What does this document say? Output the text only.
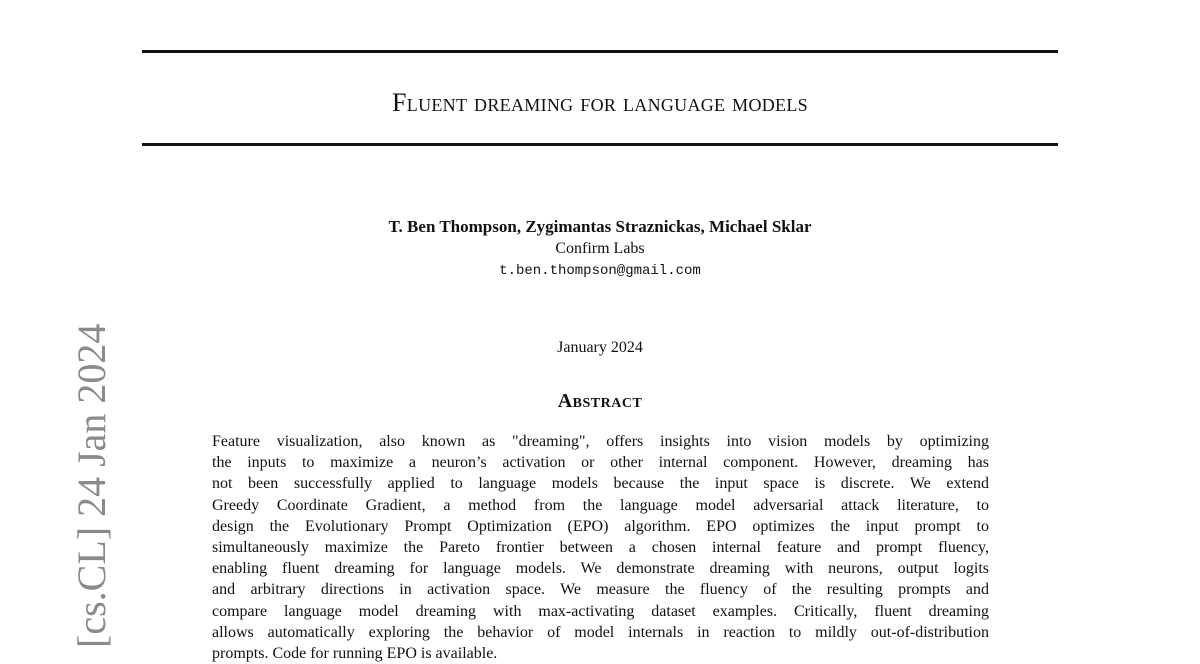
Fluent dreaming for language models
T. Ben Thompson, Zygimantas Straznickas, Michael Sklar
Confirm Labs
t.ben.thompson@gmail.com
January 2024
Abstract
Feature visualization, also known as "dreaming", offers insights into vision models by optimizing
the inputs to maximize a neuron’s activation or other internal component. However, dreaming has
not been successfully applied to language models because the input space is discrete. We extend
Greedy Coordinate Gradient, a method from the language model adversarial attack literature, to
design the Evolutionary Prompt Optimization (EPO) algorithm. EPO optimizes the input prompt to
simultaneously maximize the Pareto frontier between a chosen internal feature and prompt fluency,
enabling fluent dreaming for language models. We demonstrate dreaming with neurons, output logits
and arbitrary directions in activation space. We measure the fluency of the resulting prompts and
compare language model dreaming with max-activating dataset examples. Critically, fluent dreaming
allows automatically exploring the behavior of model internals in reaction to mildly out-of-distribution
prompts. Code for running EPO is available.
[cs.CL] 24 Jan 2024
